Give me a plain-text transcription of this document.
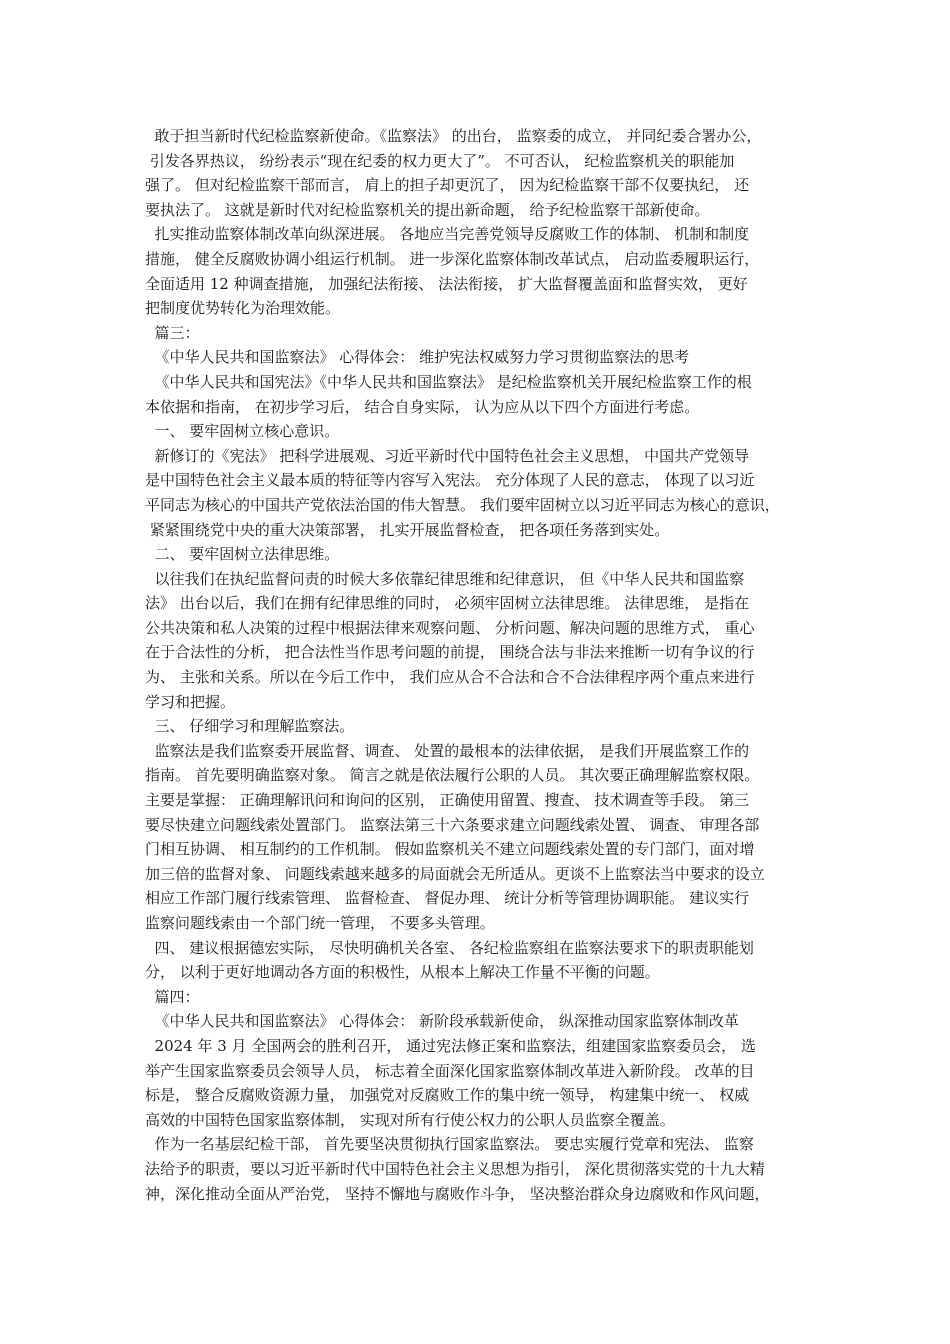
敢于担当新时代纪检监察新使命。《监察法》 的出台， 监察委的成立， 并同纪委合署办公，
引发各界热议， 纷纷表示“现在纪委的权力更大了”。 不可否认， 纪检监察机关的职能加
强了。 但对纪检监察干部而言， 肩上的担子却更沉了， 因为纪检监察干部不仅要执纪， 还
要执法了。 这就是新时代对纪检监察机关的提出新命题， 给予纪检监察干部新使命。
扎实推动监察体制改革向纵深进展。 各地应当完善党领导反腐败工作的体制、 机制和制度
措施， 健全反腐败协调小组运行机制。 进一步深化监察体制改革试点， 启动监委履职运行，
全面适用 12 种调查措施， 加强纪法衔接、 法法衔接， 扩大监督覆盖面和监督实效， 更好
把制度优势转化为治理效能。
篇三：
《中华人民共和国监察法》 心得体会： 维护宪法权威努力学习贯彻监察法的思考
《中华人民共和国宪法》《中华人民共和国监察法》 是纪检监察机关开展纪检监察工作的根
本依据和指南， 在初步学习后， 结合自身实际， 认为应从以下四个方面进行考虑。
一、 要牢固树立核心意识。
新修订的《宪法》 把科学进展观、习近平新时代中国特色社会主义思想， 中国共产党领导
是中国特色社会主义最本质的特征等内容写入宪法。 充分体现了人民的意志， 体现了以习近
平同志为核心的中国共产党依法治国的伟大智慧。 我们要牢固树立以习近平同志为核心的意识，
紧紧围绕党中央的重大决策部署， 扎实开展监督检查， 把各项任务落到实处。
二、 要牢固树立法律思维。
以往我们在执纪监督问责的时候大多依靠纪律思维和纪律意识， 但《中华人民共和国监察
法》 出台以后，我们在拥有纪律思维的同时， 必须牢固树立法律思维。 法律思维， 是指在
公共决策和私人决策的过程中根据法律来观察问题、 分析问题、解决问题的思维方式， 重心
在于合法性的分析， 把合法性当作思考问题的前提， 围绕合法与非法来推断一切有争议的行
为、 主张和关系。所以在今后工作中， 我们应从合不合法和合不合法律程序两个重点来进行
学习和把握。
三、 仔细学习和理解监察法。
监察法是我们监察委开展监督、调查、 处置的最根本的法律依据， 是我们开展监察工作的
指南。 首先要明确监察对象。 简言之就是依法履行公职的人员。 其次要正确理解监察权限。
主要是掌握： 正确理解讯问和询问的区别， 正确使用留置、搜查、 技术调查等手段。 第三
要尽快建立问题线索处置部门。 监察法第三十六条要求建立问题线索处置、 调查、 审理各部
门相互协调、 相互制约的工作机制。 假如监察机关不建立问题线索处置的专门部门，面对增
加三倍的监督对象、 问题线索越来越多的局面就会无所适从。更谈不上监察法当中要求的设立
相应工作部门履行线索管理、 监督检查、 督促办理、 统计分析等管理协调职能。 建议实行
监察问题线索由一个部门统一管理， 不要多头管理。
四、 建议根据德宏实际， 尽快明确机关各室、 各纪检监察组在监察法要求下的职责职能划
分， 以利于更好地调动各方面的积极性，从根本上解决工作量不平衡的问题。
篇四：
《中华人民共和国监察法》 心得体会： 新阶段承载新使命， 纵深推动国家监察体制改革
2024 年 3 月 全国两会的胜利召开， 通过宪法修正案和监察法，组建国家监察委员会， 选
举产生国家监察委员会领导人员， 标志着全面深化国家监察体制改革进入新阶段。 改革的目
标是， 整合反腐败资源力量， 加强党对反腐败工作的集中统一领导， 构建集中统一、 权威
高效的中国特色国家监察体制， 实现对所有行使公权力的公职人员监察全覆盖。
作为一名基层纪检干部， 首先要坚决贯彻执行国家监察法。 要忠实履行党章和宪法、 监察
法给予的职责，要以习近平新时代中国特色社会主义思想为指引， 深化贯彻落实党的十九大精
神，深化推动全面从严治党， 坚持不懈地与腐败作斗争， 坚决整治群众身边腐败和作风问题，
